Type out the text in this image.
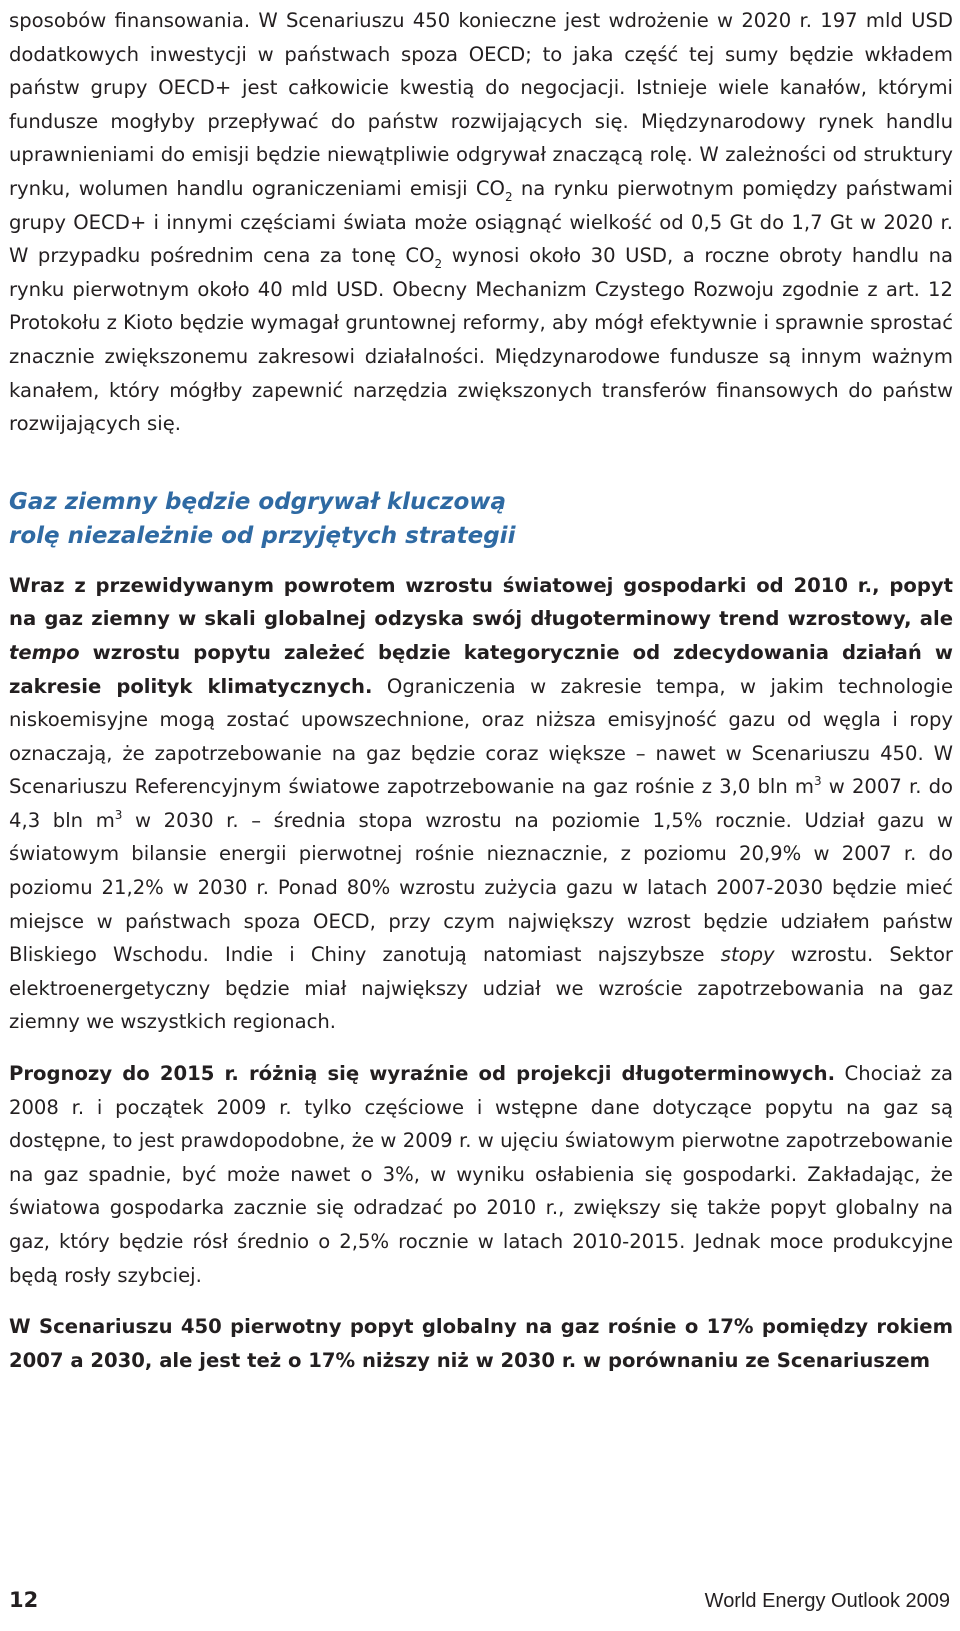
sposobów finansowania. W Scenariuszu 450 konieczne jest wdrożenie w 2020 r. 197 mld USD dodatkowych inwestycji w państwach spoza OECD; to jaka część tej sumy będzie wkładem państw grupy OECD+ jest całkowicie kwestią do negocjacji. Istnieje wiele kanałów, którymi fundusze mogłyby przepływać do państw rozwijających się. Międzynarodowy rynek handlu uprawnieniami do emisji będzie niewątpliwie odgrywał znaczącą rolę. W zależności od struktury rynku, wolumen handlu ograniczeniami emisji $CO_2$ na rynku pierwotnym pomiędzy państwami grupy OECD+ i innymi częściami świata może osiągnąć wielkość od 0,5 Gt do 1,7 Gt w 2020 r. W przypadku pośrednim cena za tonę $CO_2$ wynosi około 30 USD, a roczne obroty handlu na rynku pierwotnym około 40 mld USD. Obecny Mechanizm Czystego Rozwoju zgodnie z art. 12 Protokołu z Kioto będzie wymagał gruntownej reformy, aby mógł efektywnie i sprawnie sprostać znacznie zwiększonemu zakresowi działalności. Międzynarodowe fundusze są innym ważnym kanałem, który mógłby zapewnić narzędzia zwiększonych transferów finansowych do państw rozwijających się.

Gaz ziemny będzie odgrywał kluczową
rolę niezależnie od przyjętych strategii

Wraz z przewidywanym powrotem wzrostu światowej gospodarki od 2010 r., popyt na gaz ziemny w skali globalnej odzyska swój długoterminowy trend wzrostowy, ale tempo wzrostu popytu zależeć będzie kategorycznie od zdecydowania działań w zakresie polityk klimatycznych. Ograniczenia w zakresie tempa, w jakim technologie niskoemisyjne mogą zostać upowszechnione, oraz niższa emisyjność gazu od węgla i ropy oznaczają, że zapotrzebowanie na gaz będzie coraz większe – nawet w Scenariuszu 450. W Scenariuszu Referencyjnym światowe zapotrzebowanie na gaz rośnie z 3,0 bln $m^3$ w 2007 r. do 4,3 bln $m^3$ w 2030 r. – średnia stopa wzrostu na poziomie 1,5% rocznie. Udział gazu w światowym bilansie energii pierwotnej rośnie nieznacznie, z poziomu 20,9% w 2007 r. do poziomu 21,2% w 2030 r. Ponad 80% wzrostu zużycia gazu w latach 2007-2030 będzie mieć miejsce w państwach spoza OECD, przy czym największy wzrost będzie udziałem państw Bliskiego Wschodu. Indie i Chiny zanotują natomiast najszybsze stopy wzrostu. Sektor elektroenergetyczny będzie miał największy udział we wzroście zapotrzebowania na gaz ziemny we wszystkich regionach.

Prognozy do 2015 r. różnią się wyraźnie od projekcji długoterminowych. Chociaż za 2008 r. i początek 2009 r. tylko częściowe i wstępne dane dotyczące popytu na gaz są dostępne, to jest prawdopodobne, że w 2009 r. w ujęciu światowym pierwotne zapotrzebowanie na gaz spadnie, być może nawet o 3%, w wyniku osłabienia się gospodarki. Zakładając, że światowa gospodarka zacznie się odradzać po 2010 r., zwiększy się także popyt globalny na gaz, który będzie rósł średnio o 2,5% rocznie w latach 2010-2015. Jednak moce produkcyjne będą rosły szybciej.

W Scenariuszu 450 pierwotny popyt globalny na gaz rośnie o 17% pomiędzy rokiem 2007 a 2030, ale jest też o 17% niższy niż w 2030 r. w porównaniu ze Scenariuszem

12	World Energy Outlook 2009
